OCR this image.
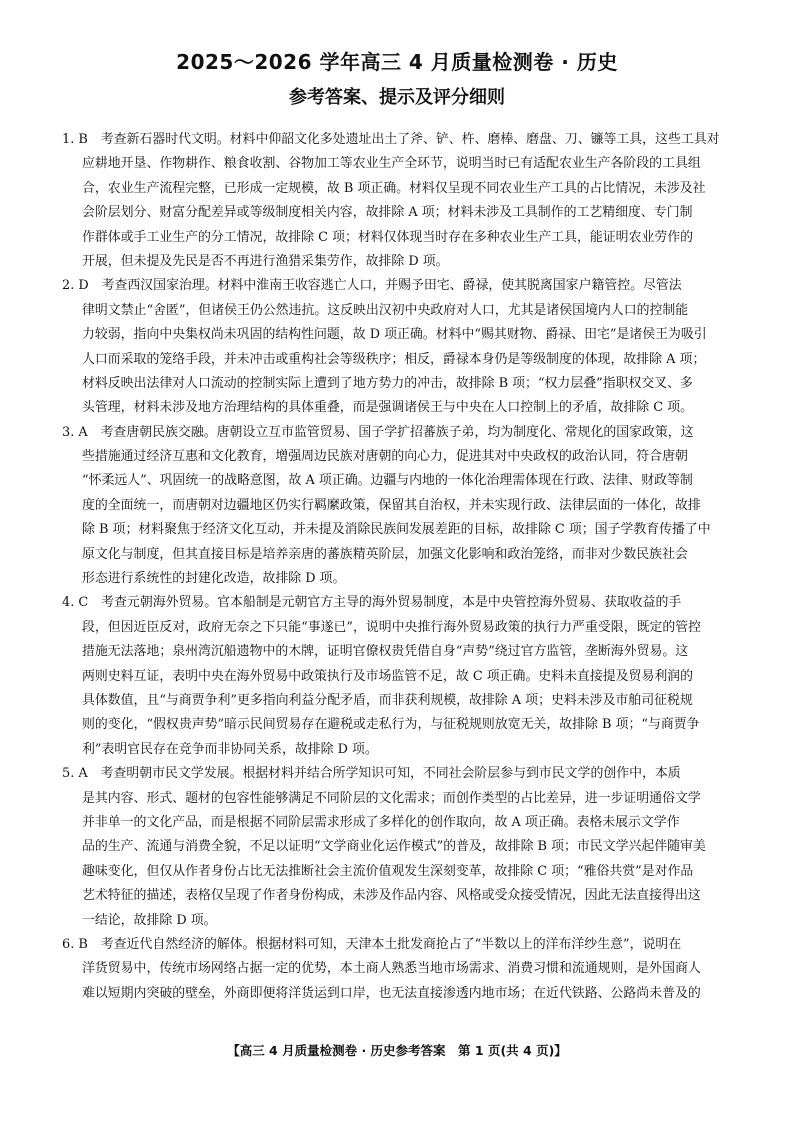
2025～2026 学年高三 4 月质量检测卷 · 历史
参考答案、提示及评分细则
1. B　考查新石器时代文明。材料中仰韶文化多处遗址出土了斧、铲、杵、磨棒、磨盘、刀、镰等工具，这些工具对
应耕地开垦、作物耕作、粮食收割、谷物加工等农业生产全环节，说明当时已有适配农业生产各阶段的工具组
合，农业生产流程完整，已形成一定规模，故 B 项正确。材料仅呈现不同农业生产工具的占比情况，未涉及社
会阶层划分、财富分配差异或等级制度相关内容，故排除 A 项；材料未涉及工具制作的工艺精细度、专门制
作群体或手工业生产的分工情况，故排除 C 项；材料仅体现当时存在多种农业生产工具，能证明农业劳作的
开展，但未提及先民是否不再进行渔猎采集劳作，故排除 D 项。
2. D　考查西汉国家治理。材料中淮南王收容逃亡人口，并赐予田宅、爵禄，使其脱离国家户籍管控。尽管法
律明文禁止“舍匿”，但诸侯王仍公然违抗。这反映出汉初中央政府对人口，尤其是诸侯国境内人口的控制能
力较弱，指向中央集权尚未巩固的结构性问题，故 D 项正确。材料中“赐其财物、爵禄、田宅”是诸侯王为吸引
人口而采取的笼络手段，并未冲击或重构社会等级秩序；相反，爵禄本身仍是等级制度的体现，故排除 A 项；
材料反映出法律对人口流动的控制实际上遭到了地方势力的冲击，故排除 B 项；“权力层叠”指职权交叉、多
头管理，材料未涉及地方治理结构的具体重叠，而是强调诸侯王与中央在人口控制上的矛盾，故排除 C 项。
3. A　考查唐朝民族交融。唐朝设立互市监管贸易、国子学扩招蕃族子弟，均为制度化、常规化的国家政策，这
些措施通过经济互惠和文化教育，增强周边民族对唐朝的向心力，促进其对中央政权的政治认同，符合唐朝
“怀柔远人”、巩固统一的战略意图，故 A 项正确。边疆与内地的一体化治理需体现在行政、法律、财政等制
度的全面统一，而唐朝对边疆地区仍实行羁縻政策，保留其自治权，并未实现行政、法律层面的一体化，故排
除 B 项；材料聚焦于经济文化互动，并未提及消除民族间发展差距的目标，故排除 C 项；国子学教育传播了中
原文化与制度，但其直接目标是培养亲唐的蕃族精英阶层，加强文化影响和政治笼络，而非对少数民族社会
形态进行系统性的封建化改造，故排除 D 项。
4. C　考查元朝海外贸易。官本船制是元朝官方主导的海外贸易制度，本是中央管控海外贸易、获取收益的手
段，但因近臣反对，政府无奈之下只能“事遂已”，说明中央推行海外贸易政策的执行力严重受限，既定的管控
措施无法落地；泉州湾沉船遗物中的木牌，证明官僚权贵凭借自身“声势”绕过官方监管，垄断海外贸易。这
两则史料互证，表明中央在海外贸易中政策执行及市场监管不足，故 C 项正确。史料未直接提及贸易利润的
具体数值，且“与商贾争利”更多指向利益分配矛盾，而非获利规模，故排除 A 项；史料未涉及市舶司征税规
则的变化，“假权贵声势”暗示民间贸易存在避税或走私行为，与征税规则放宽无关，故排除 B 项；“与商贾争
利”表明官民存在竞争而非协同关系，故排除 D 项。
5. A　考查明朝市民文学发展。根据材料并结合所学知识可知，不同社会阶层参与到市民文学的创作中，本质
是其内容、形式、题材的包容性能够满足不同阶层的文化需求；而创作类型的占比差异，进一步证明通俗文学
并非单一的文化产品，而是根据不同阶层需求形成了多样化的创作取向，故 A 项正确。表格未展示文学作
品的生产、流通与消费全貌，不足以证明“文学商业化运作模式”的普及，故排除 B 项；市民文学兴起伴随审美
趣味变化，但仅从作者身份占比无法推断社会主流价值观发生深刻变革，故排除 C 项；“雅俗共赏”是对作品
艺术特征的描述，表格仅呈现了作者身份构成，未涉及作品内容、风格或受众接受情况，因此无法直接得出这
一结论，故排除 D 项。
6. B　考查近代自然经济的解体。根据材料可知，天津本土批发商抢占了“半数以上的洋布洋纱生意”，说明在
洋货贸易中，传统市场网络占据一定的优势，本土商人熟悉当地市场需求、消费习惯和流通规则，是外国商人
难以短期内突破的壁垒，外商即便将洋货运到口岸，也无法直接渗透内地市场；在近代铁路、公路尚未普及的
【高三 4 月质量检测卷 · 历史参考答案　第 1 页(共 4 页)】
